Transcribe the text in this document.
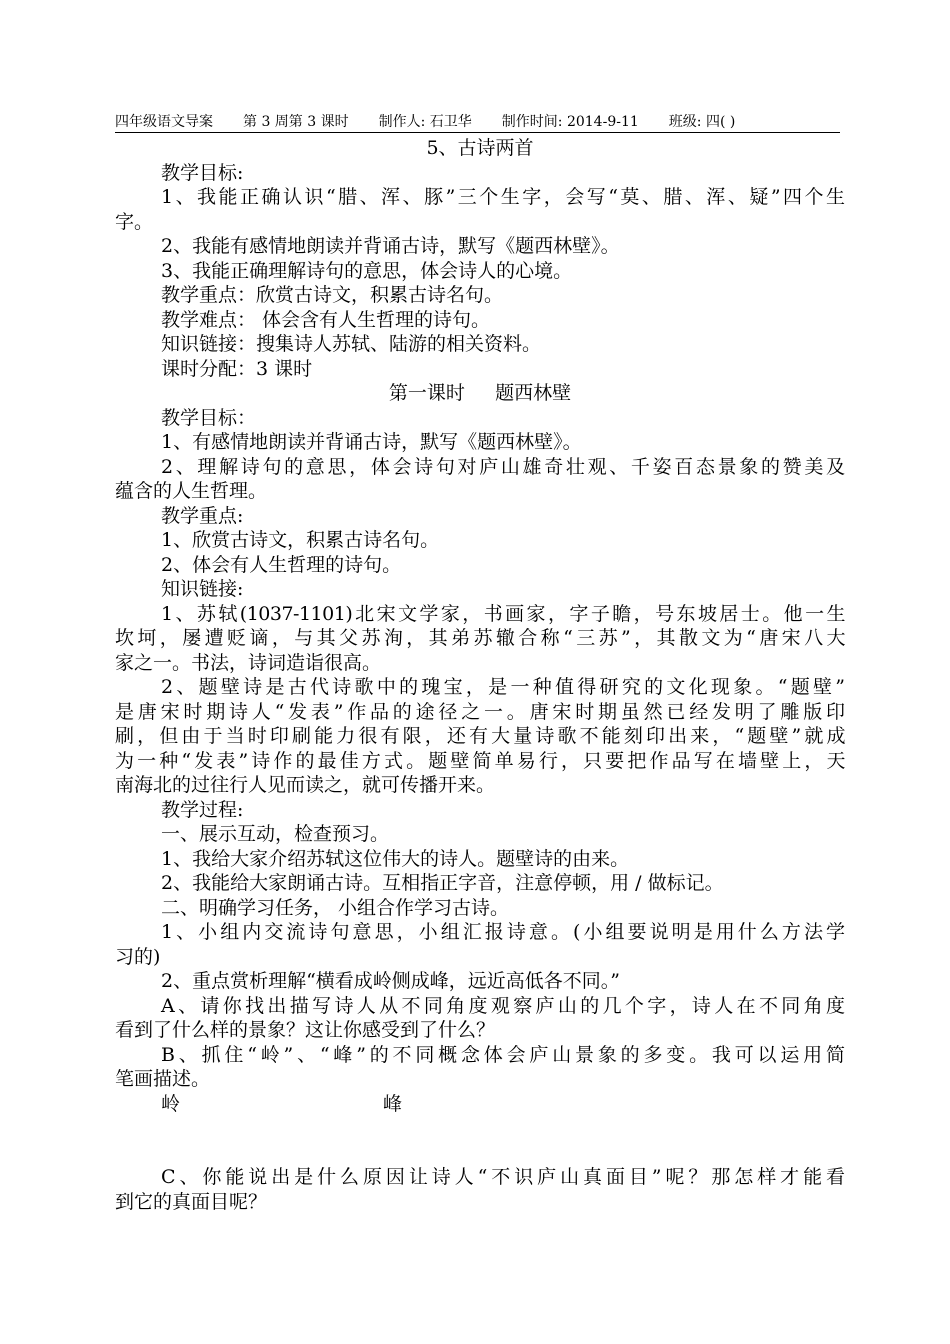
四年级语文导案 第 3 周第 3 课时 制作人: 石卫华 制作时间: 2014-9-11 班级: 四( )
5、古诗两首
教学目标:
1、我能正确认识“腊、浑、豚”三个生字，会写“莫、腊、浑、疑”四个生
字。
2、我能有感情地朗读并背诵古诗，默写《题西林壁》。
3、我能正确理解诗句的意思，体会诗人的心境。
教学重点：欣赏古诗文，积累古诗名句。
教学难点： 体会含有人生哲理的诗句。
知识链接：搜集诗人苏轼、陆游的相关资料。
课时分配：3 课时
第一课时     题西林壁
教学目标：
1、有感情地朗读并背诵古诗，默写《题西林壁》。
2、理解诗句的意思，体会诗句对庐山雄奇壮观、千姿百态景象的赞美及
蕴含的人生哲理。
教学重点:
1、欣赏古诗文，积累古诗名句。
2、体会有人生哲理的诗句。
知识链接:
1、苏轼(1037-1101)北宋文学家，书画家，字子瞻，号东坡居士。他一生
坎坷，屡遭贬谪，与其父苏洵，其弟苏辙合称“三苏”，其散文为“唐宋八大
家之一。书法，诗词造诣很高。
2、题壁诗是古代诗歌中的瑰宝，是一种值得研究的文化现象。“题壁”
是唐宋时期诗人“发表”作品的途径之一。唐宋时期虽然已经发明了雕版印
刷，但由于当时印刷能力很有限，还有大量诗歌不能刻印出来，“题壁”就成
为一种“发表”诗作的最佳方式。题壁简单易行，只要把作品写在墙壁上，天
南海北的过往行人见而读之，就可传播开来。
教学过程:
一、展示互动，检查预习。
1、我给大家介绍苏轼这位伟大的诗人。题壁诗的由来。
2、我能给大家朗诵古诗。互相指正字音，注意停顿，用 / 做标记。
二、明确学习任务， 小组合作学习古诗。
1、小组内交流诗句意思，小组汇报诗意。(小组要说明是用什么方法学
习的)
2、重点赏析理解“横看成岭侧成峰，远近高低各不同。”
A、请你找出描写诗人从不同角度观察庐山的几个字，诗人在不同角度
看到了什么样的景象？这让你感受到了什么？
B、抓住“岭”、“峰”的不同概念体会庐山景象的多变。我可以运用简
笔画描述。
岭	峰
C、你能说出是什么原因让诗人“不识庐山真面目”呢？那怎样才能看
到它的真面目呢？
